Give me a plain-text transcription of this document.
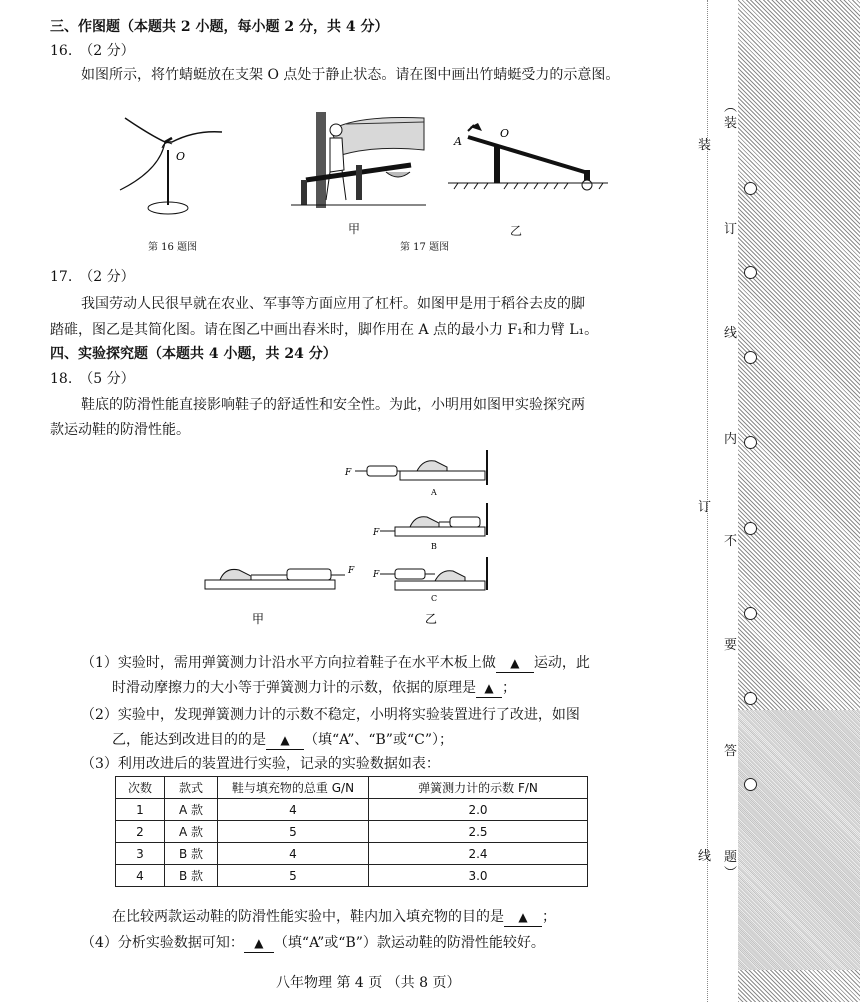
三、作图题（本题共 2 小题，每小题 2 分，共 4 分）
16.　（2 分）
如图所示，将竹蜻蜓放在支架 O 点处于静止状态。请在图中画出竹蜻蜓受力的示意图。
O
第 16 题图
甲
A
O
第 17 题图
乙
17.　（2 分）
我国劳动人民很早就在农业、军事等方面应用了杠杆。如图甲是用于稻谷去皮的脚
踏碓，图乙是其简化图。请在图乙中画出舂米时，脚作用在 A 点的最小力 F₁和力臂 L₁。
四、实验探究题（本题共 4 小题，共 24 分）
18.　（5 分）
鞋底的防滑性能直接影响鞋子的舒适性和安全性。为此，小明用如图甲实验探究两
款运动鞋的防滑性能。
F
A
F
B
F
C
F
甲	乙
（1）实验时，需用弹簧测力计沿水平方向拉着鞋子在水平木板上做 ▲ 运动，此
时滑动摩擦力的大小等于弹簧测力计的示数，依据的原理是 ▲ ；
（2）实验中，发现弹簧测力计的示数不稳定，小明将实验装置进行了改进，如图
乙，能达到改进目的的是 ▲ （填“A”、“B”或“C”）；
（3）利用改进后的装置进行实验，记录的实验数据如表：
次数	款式	鞋与填充物的总重 G/N	弹簧测力计的示数 F/N
1	A 款	4	2.0
2	A 款	5	2.5
3	B 款	4	2.4
4	B 款	5	3.0
在比较两款运动鞋的防滑性能实验中，鞋内加入填充物的目的是 ▲ ；
（4）分析实验数据可知： ▲ （填“A”或“B”）款运动鞋的防滑性能较好。
八年物理 第 4 页 （共 8 页）
装
订
线
︵
装
订
线
内
不
要
答
题
︶
